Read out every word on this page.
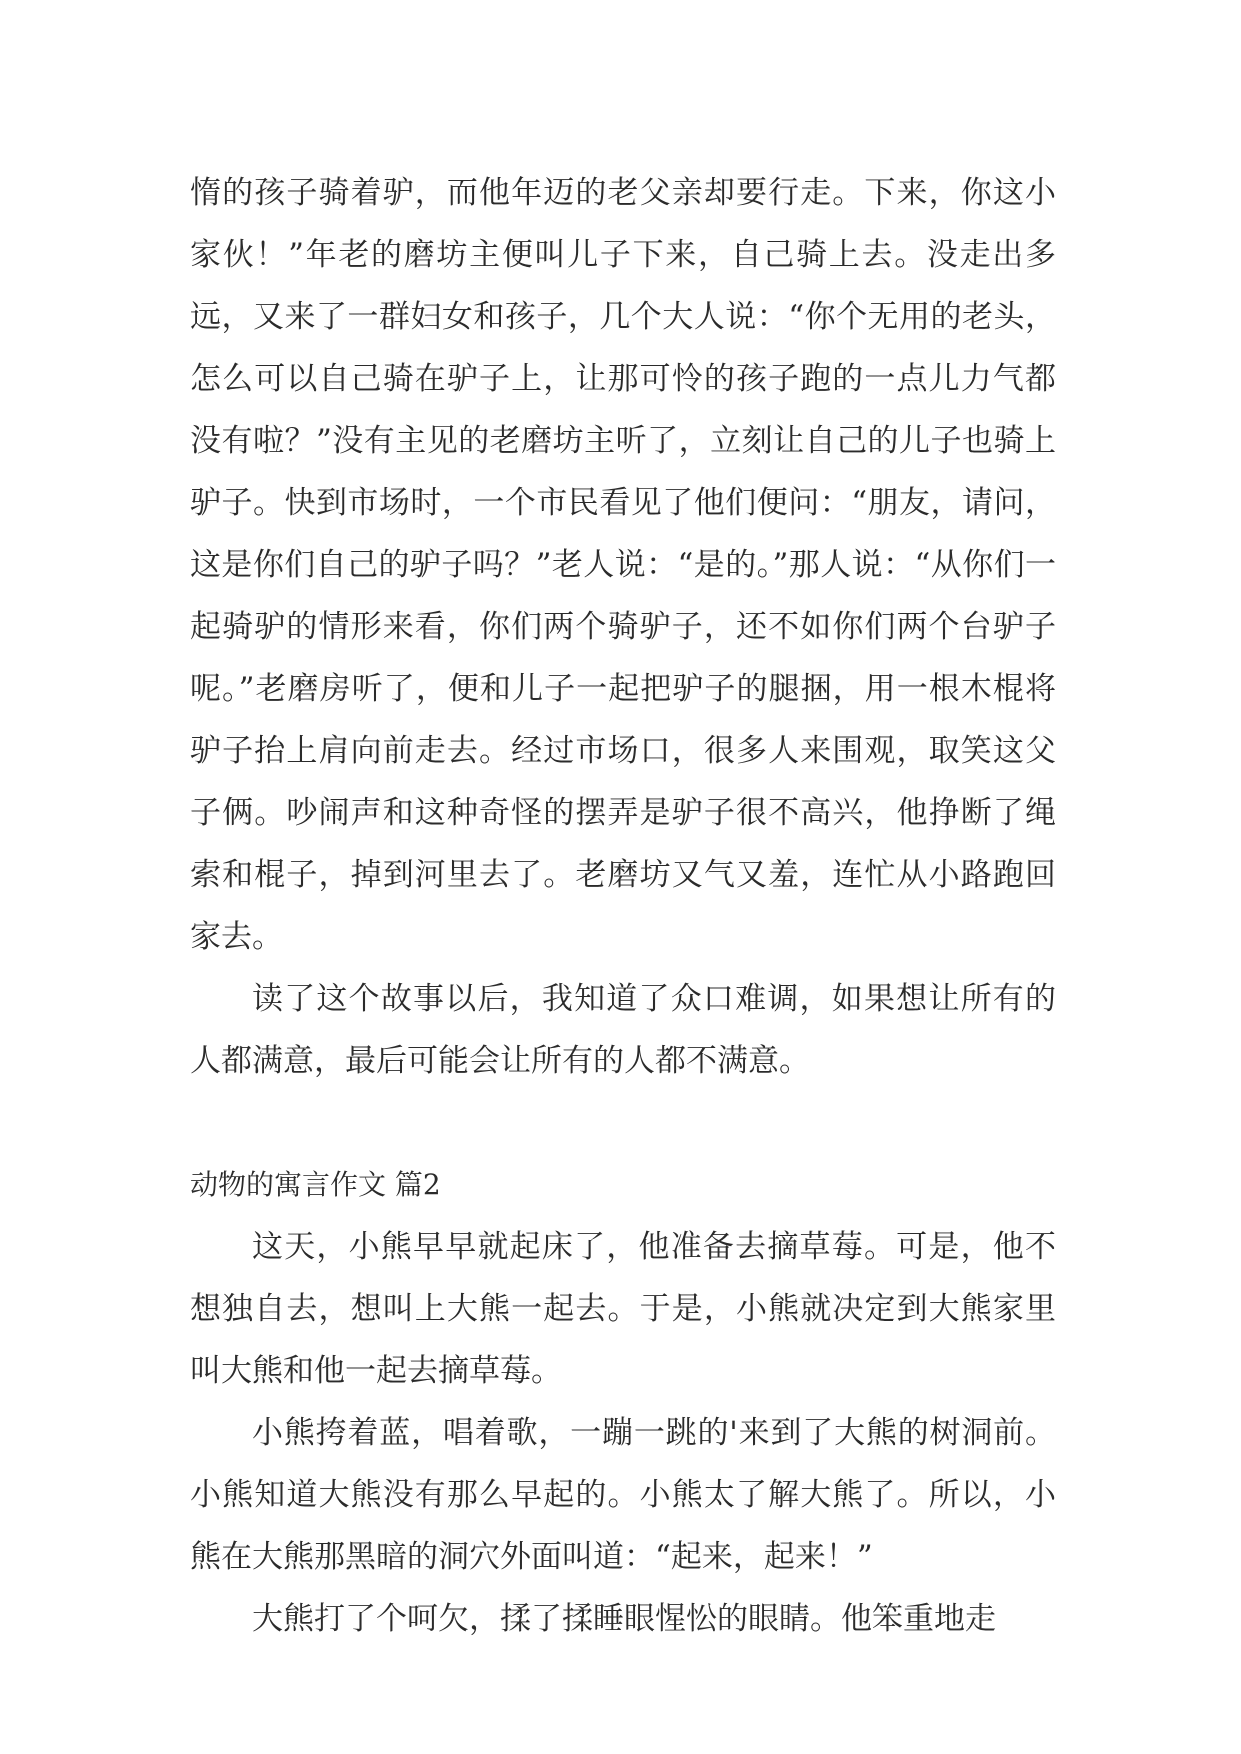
惰的孩子骑着驴，而他年迈的老父亲却要行走。下来，你这小家伙！”年老的磨坊主便叫儿子下来，自己骑上去。没走出多远，又来了一群妇女和孩子，几个大人说：“你个无用的老头，怎么可以自己骑在驴子上，让那可怜的孩子跑的一点儿力气都没有啦？”没有主见的老磨坊主听了，立刻让自己的儿子也骑上驴子。快到市场时，一个市民看见了他们便问：“朋友，请问，这是你们自己的驴子吗？”老人说：“是的。”那人说：“从你们一起骑驴的情形来看，你们两个骑驴子，还不如你们两个台驴子呢。”老磨房听了，便和儿子一起把驴子的腿捆，用一根木棍将驴子抬上肩向前走去。经过市场口，很多人来围观，取笑这父子俩。吵闹声和这种奇怪的摆弄是驴子很不高兴，他挣断了绳索和棍子，掉到河里去了。老磨坊又气又羞，连忙从小路跑回家去。

读了这个故事以后，我知道了众口难调，如果想让所有的人都满意，最后可能会让所有的人都不满意。

动物的寓言作文 篇2

这天，小熊早早就起床了，他准备去摘草莓。可是，他不想独自去，想叫上大熊一起去。于是，小熊就决定到大熊家里叫大熊和他一起去摘草莓。

小熊挎着蓝，唱着歌，一蹦一跳的'来到了大熊的树洞前。小熊知道大熊没有那么早起的。小熊太了解大熊了。所以，小熊在大熊那黑暗的洞穴外面叫道：“起来，起来！”

大熊打了个呵欠，揉了揉睡眼惺忪的眼睛。他笨重地走
